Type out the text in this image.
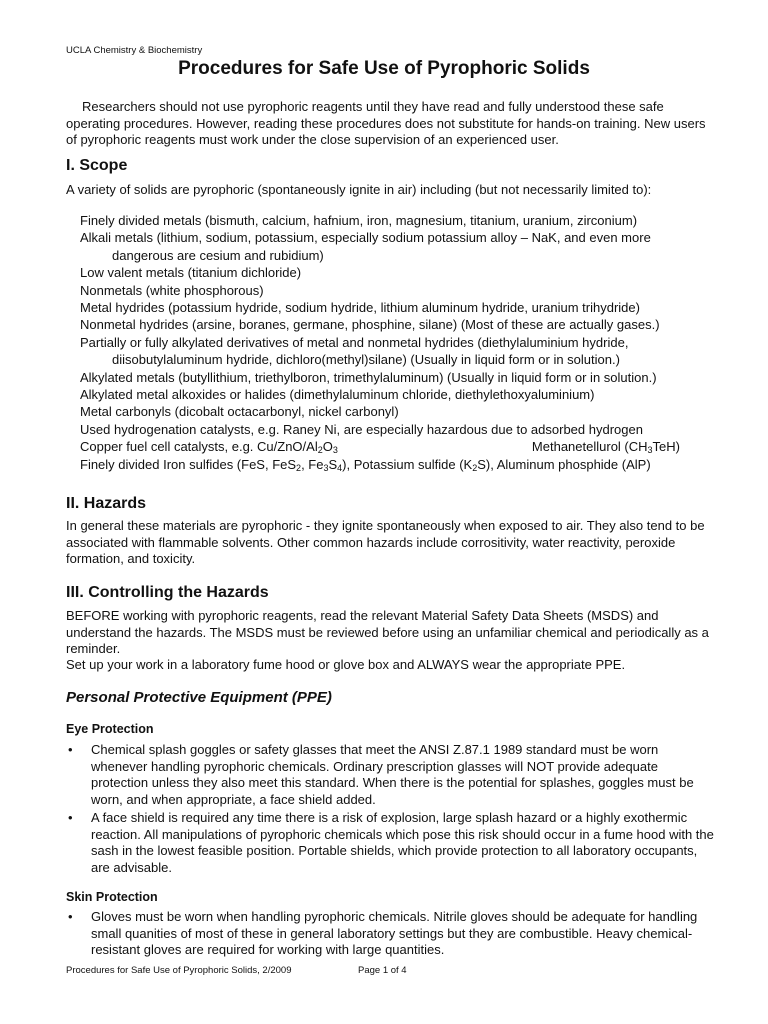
UCLA Chemistry & Biochemistry
Procedures for Safe Use of Pyrophoric Solids

Researchers should not use pyrophoric reagents until they have read and fully understood these safe operating procedures. However, reading these procedures does not substitute for hands-on training. New users of pyrophoric reagents must work under the close supervision of an experienced user.

I. Scope

A variety of solids are pyrophoric (spontaneously ignite in air) including (but not necessarily limited to):

Finely divided metals (bismuth, calcium, hafnium, iron, magnesium, titanium, uranium, zirconium)
Alkali metals (lithium, sodium, potassium, especially sodium potassium alloy – NaK, and even more
dangerous are cesium and rubidium)
Low valent metals (titanium dichloride)
Nonmetals (white phosphorous)
Metal hydrides (potassium hydride, sodium hydride, lithium aluminum hydride, uranium trihydride)
Nonmetal hydrides (arsine, boranes, germane, phosphine, silane) (Most of these are actually gases.)
Partially or fully alkylated derivatives of metal and nonmetal hydrides (diethylaluminium hydride,
diisobutylaluminum hydride, dichloro(methyl)silane) (Usually in liquid form or in solution.)
Alkylated metals (butyllithium, triethylboron, trimethylaluminum) (Usually in liquid form or in solution.)
Alkylated metal alkoxides or halides (dimethylaluminum chloride, diethylethoxyaluminium)
Metal carbonyls (dicobalt octacarbonyl, nickel carbonyl)
Used hydrogenation catalysts, e.g. Raney Ni, are especially hazardous due to adsorbed hydrogen
Copper fuel cell catalysts, e.g. $Cu/ZnO/Al_2O_3$	Methanetellurol $(CH_3TeH)$
Finely divided Iron sulfides (FeS, FeS$_2$, $Fe_3S_4$), Potassium sulfide $(K_2S)$, Aluminum phosphide (AlP)
II. Hazards

In general these materials are pyrophoric - they ignite spontaneously when exposed to air. They also tend to be associated with flammable solvents. Other common hazards include corrositivity, water reactivity, peroxide formation, and toxicity.

III. Controlling the Hazards

BEFORE working with pyrophoric reagents, read the relevant Material Safety Data Sheets (MSDS) and understand the hazards. The MSDS must be reviewed before using an unfamiliar chemical and periodically as a reminder.

Set up your work in a laboratory fume hood or glove box and ALWAYS wear the appropriate PPE.

Personal Protective Equipment (PPE)
Eye Protection
• Chemical splash goggles or safety glasses that meet the ANSI Z.87.1 1989 standard must be worn whenever handling pyrophoric chemicals. Ordinary prescription glasses will NOT provide adequate protection unless they also meet this standard. When there is the potential for splashes, goggles must be worn, and when appropriate, a face shield added.
• A face shield is required any time there is a risk of explosion, large splash hazard or a highly exothermic reaction. All manipulations of pyrophoric chemicals which pose this risk should occur in a fume hood with the sash in the lowest feasible position. Portable shields, which provide protection to all laboratory occupants, are advisable.
Skin Protection
• Gloves must be worn when handling pyrophoric chemicals. Nitrile gloves should be adequate for handling small quanities of most of these in general laboratory settings but they are combustible. Heavy chemical-resistant gloves are required for working with large quantities.
Procedures for Safe Use of Pyrophoric Solids, 2/2009	Page 1 of 4
